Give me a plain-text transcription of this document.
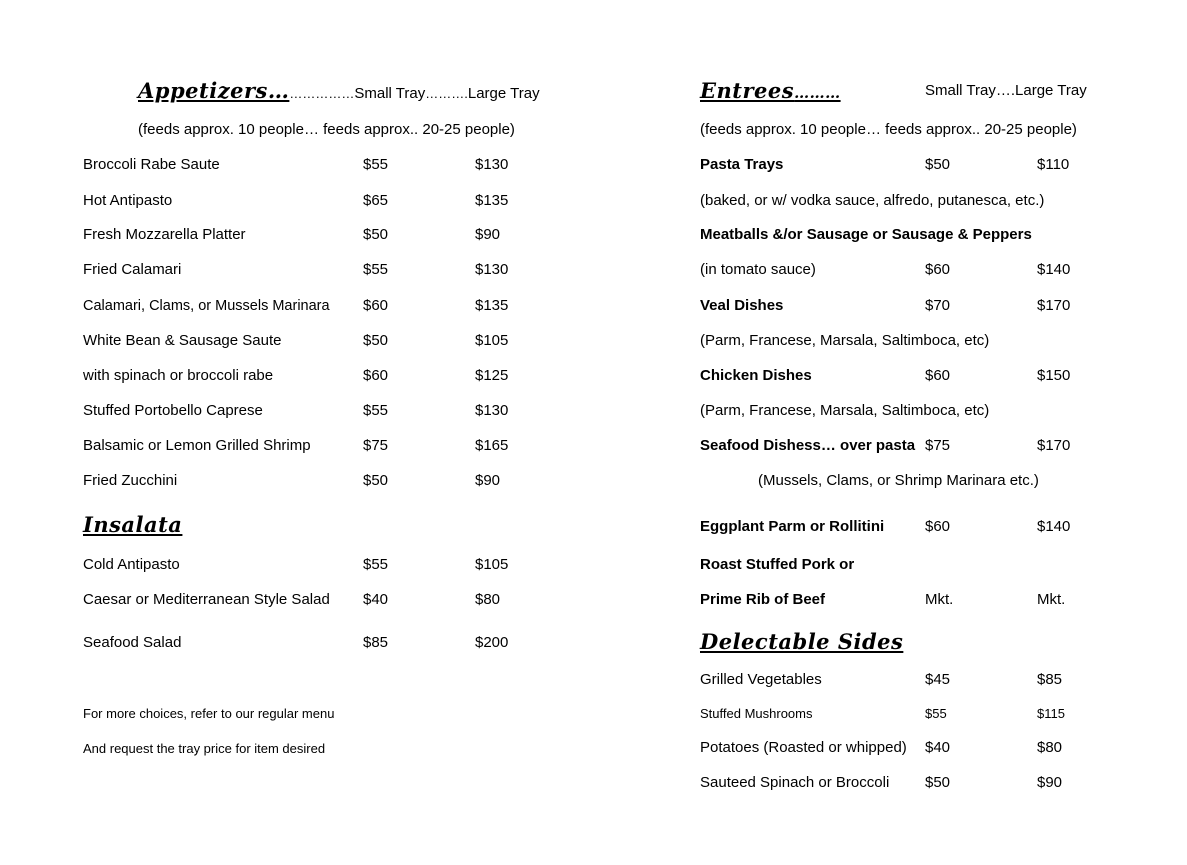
Appetizers………………Small Tray……….Large Tray
(feeds approx. 10 people… feeds approx.. 20-25 people)
Broccoli Rabe Saute	$55	$130
Hot Antipasto	$65	$135
Fresh Mozzarella Platter	$50	$90
Fried Calamari	$55	$130
Calamari, Clams, or Mussels Marinara $60	$135
White Bean & Sausage Saute	$50	$105
with spinach or broccoli rabe	$60	$125
Stuffed Portobello Caprese	$55	$130
Balsamic or Lemon Grilled Shrimp	$75	$165
Fried Zucchini	$50	$90
Insalata
Cold Antipasto	$55	$105
Caesar or Mediterranean Style Salad $40	$80
Seafood Salad	$85	$200
For more choices, refer to our regular menu
And request the tray price for item desired
Entrees………	Small Tray….Large Tray
(feeds approx. 10 people… feeds approx.. 20-25 people)
Pasta Trays	$50	$110
(baked, or w/ vodka sauce, alfredo, putanesca, etc.)
Meatballs &/or Sausage or Sausage & Peppers
(in tomato sauce)	$60	$140
Veal Dishes	$70	$170
(Parm, Francese, Marsala, Saltimboca, etc)
Chicken Dishes	$60	$150
(Parm, Francese, Marsala, Saltimboca, etc)
Seafood Dishess… over pasta $75	$170
(Mussels, Clams, or Shrimp Marinara etc.)
Eggplant Parm or Rollitini	$60	$140
Roast Stuffed Pork or
Prime Rib of Beef	Mkt.	Mkt.
Delectable Sides
Grilled Vegetables	$45	$85
Stuffed Mushrooms	$55	$115
Potatoes (Roasted or whipped) $40	$80
Sauteed Spinach or Broccoli $50	$90
